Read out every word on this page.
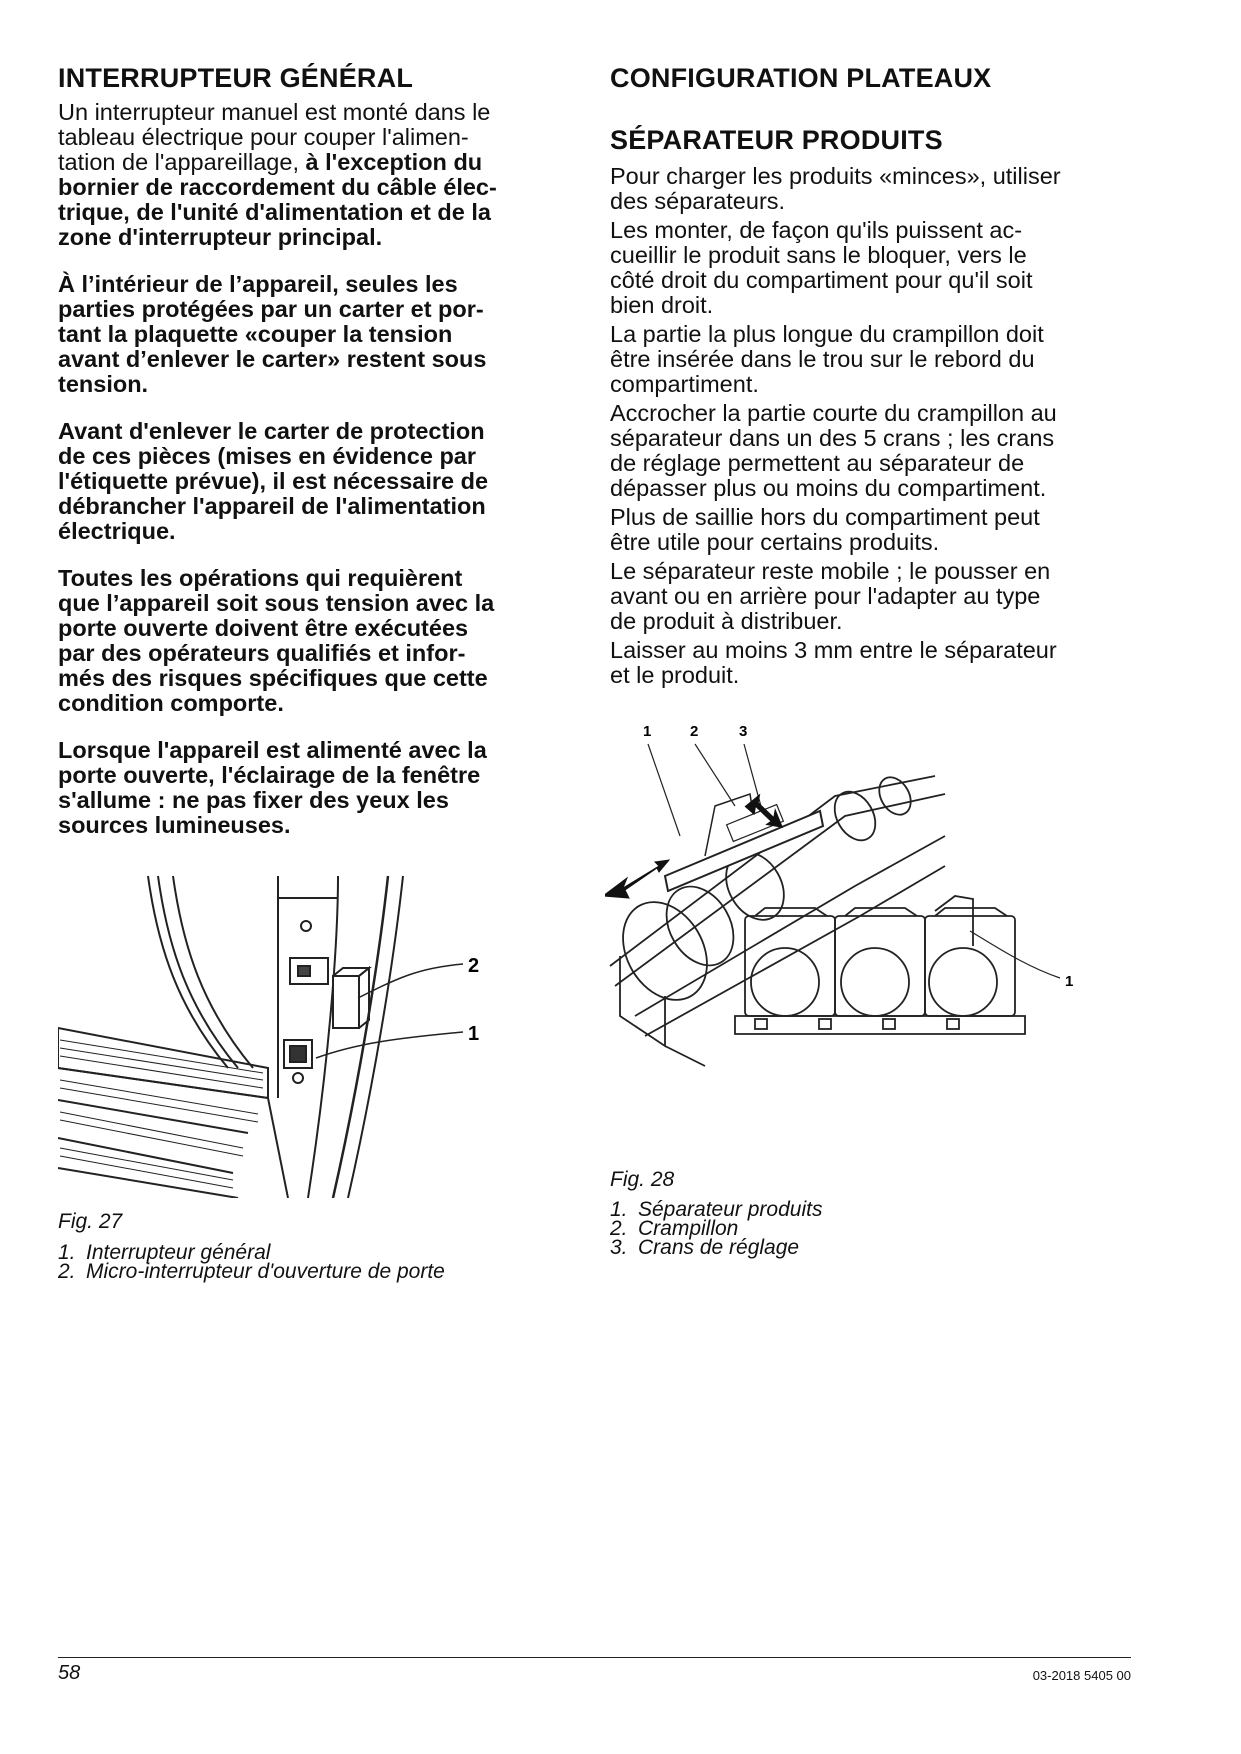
INTERRUPTEUR GÉNÉRAL

Un interrupteur manuel est monté dans le

tableau électrique pour couper l'alimen-

tation de l'appareillage, à l'exception du

bornier de raccordement du câble élec-

trique, de l'unité d'alimentation et de la

zone d'interrupteur principal.

À l’intérieur de l’appareil, seules les

parties protégées par un carter et por-

tant la plaquette «couper la tension

avant d’enlever le carter» restent sous

tension.

Avant d'enlever le carter de protection

de ces pièces (mises en évidence par

l'étiquette prévue), il est nécessaire de

débrancher l'appareil de l'alimentation

électrique.

Toutes les opérations qui requièrent

que l’appareil soit sous tension avec la

porte ouverte doivent être exécutées

par des opérateurs qualifiés et infor-

més des risques spécifiques que cette

condition comporte.

Lorsque l'appareil est alimenté avec la

porte ouverte, l'éclairage de la fenêtre

s'allume : ne pas fixer des yeux les

sources lumineuses.

2
1
Fig. 27
1. Interrupteur général
2. Micro-interrupteur d'ouverture de porte
CONFIGURATION PLATEAUX
SÉPARATEUR PRODUITS

Pour charger les produits «minces», utiliser

des séparateurs.

Les monter, de façon qu'ils puissent ac-

cueillir le produit sans le bloquer, vers le

côté droit du compartiment pour qu'il soit

bien droit.

La partie la plus longue du crampillon doit

être insérée dans le trou sur le rebord du

compartiment.

Accrocher la partie courte du crampillon au

séparateur dans un des 5 crans ; les crans

de réglage permettent au séparateur de

dépasser plus ou moins du compartiment.

Plus de saillie hors du compartiment peut

être utile pour certains produits.

Le séparateur reste mobile ; le pousser en

avant ou en arrière pour l'adapter au type

de produit à distribuer.

Laisser au moins 3 mm entre le séparateur

et le produit.

1	2	3
1
Fig. 28
1. Séparateur produits
2. Crampillon
3. Crans de réglage
58	03-2018 5405 00
